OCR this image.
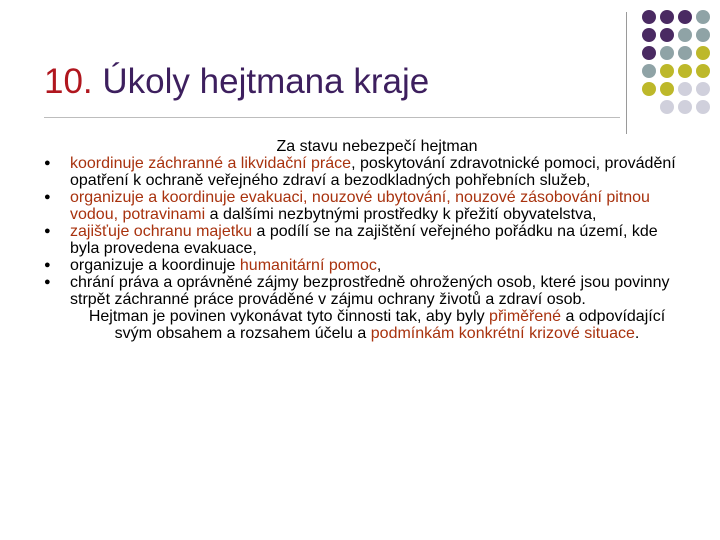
10. Úkoly hejtmana kraje
Za stavu nebezpečí hejtman
● koordinuje záchranné a likvidační práce, poskytování zdravotnické pomoci, provádění opatření k ochraně veřejného zdraví a bezodkladných pohřebních služeb,
● organizuje a koordinuje evakuaci, nouzové ubytování, nouzové zásobování pitnou vodou, potravinami a dalšími nezbytnými prostředky k přežití obyvatelstva,
● zajišťuje ochranu majetku a podílí se na zajištění veřejného pořádku na území, kde byla provedena evakuace,
● organizuje a koordinuje humanitární pomoc,
● chrání práva a oprávněné zájmy bezprostředně ohrožených osob, které jsou povinny strpět záchranné práce prováděné v zájmu ochrany životů a zdraví osob.
Hejtman je povinen vykonávat tyto činnosti tak, aby byly přiměřené a odpovídající svým obsahem a rozsahem účelu a podmínkám konkrétní krizové situace.
